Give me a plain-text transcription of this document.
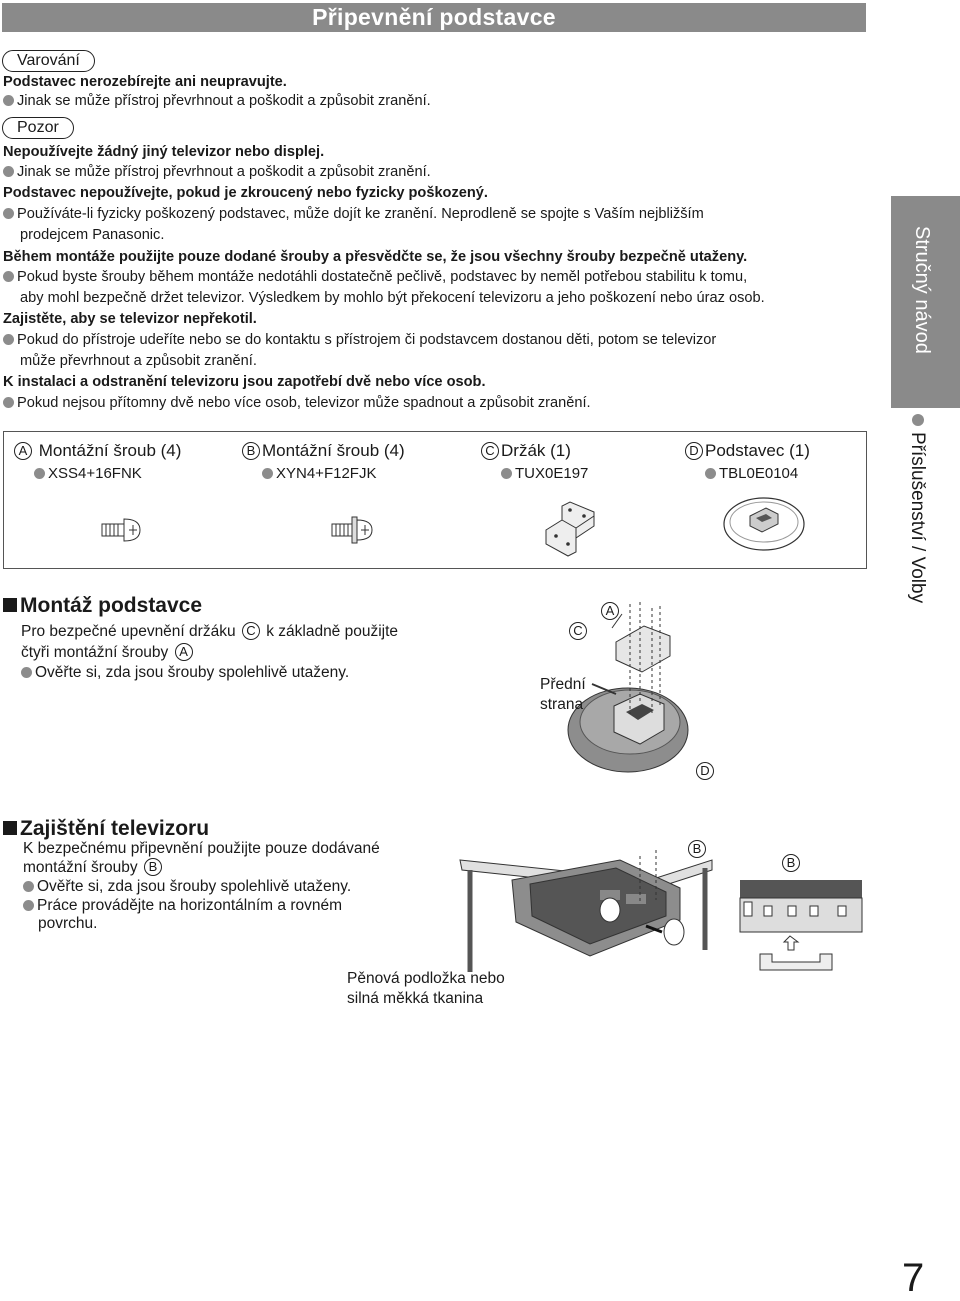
Připevnění podstavce
Varování
Podstavec nerozebírejte ani neupravujte.
Jinak se může přístroj převrhnout a poškodit a způsobit zranění.
Pozor
Nepoužívejte žádný jiný televizor nebo displej.
Jinak se může přístroj převrhnout a poškodit a způsobit zranění.
Podstavec nepoužívejte, pokud je zkroucený nebo fyzicky poškozený.
Používáte-li fyzicky poškozený podstavec, může dojít ke zranění. Neprodleně se spojte s Vaším nejbližším
prodejcem Panasonic.
Během montáže použijte pouze dodané šrouby a přesvědčte se, že jsou všechny šrouby bezpečně utaženy.
Pokud byste šrouby během montáže nedotáhli dostatečně pečlivě, podstavec by neměl potřebou stabilitu k tomu,
aby mohl bezpečně držet televizor. Výsledkem by mohlo být překocení televizoru a jeho poškození nebo úraz osob.
Zajistěte, aby se televizor nepřekotil.
Pokud do přístroje udeříte nebo se do kontaktu s přístrojem či podstavcem dostanou děti, potom se televizor
může převrhnout a způsobit zranění.
K instalaci a odstranění televizoru jsou zapotřebí dvě nebo více osob.
Pokud nejsou přítomny dvě nebo více osob, televizor může spadnout a způsobit zranění.
A Montážní šroub (4)
XSS4+16FNK
B Montážní šroub (4)
XYN4+F12FJK
C Držák (1)
TUX0E197
D Podstavec (1)
TBL0E0104
Montáž podstavce
Pro bezpečné upevnění držáku C k základně použijte
čtyři montážní šrouby A
Ověřte si, zda jsou šrouby spolehlivě utaženy.
A
C
Přední
strana
D
Zajištění televizoru
K bezpečnému připevnění použijte pouze dodávané
montážní šrouby B
Ověřte si, zda jsou šrouby spolehlivě utaženy.
Práce provádějte na horizontálním a rovném
povrchu.
B
B
Pěnová podložka nebo
silná měkká tkanina
Stručný návod
Příslušenství / Volby
7
